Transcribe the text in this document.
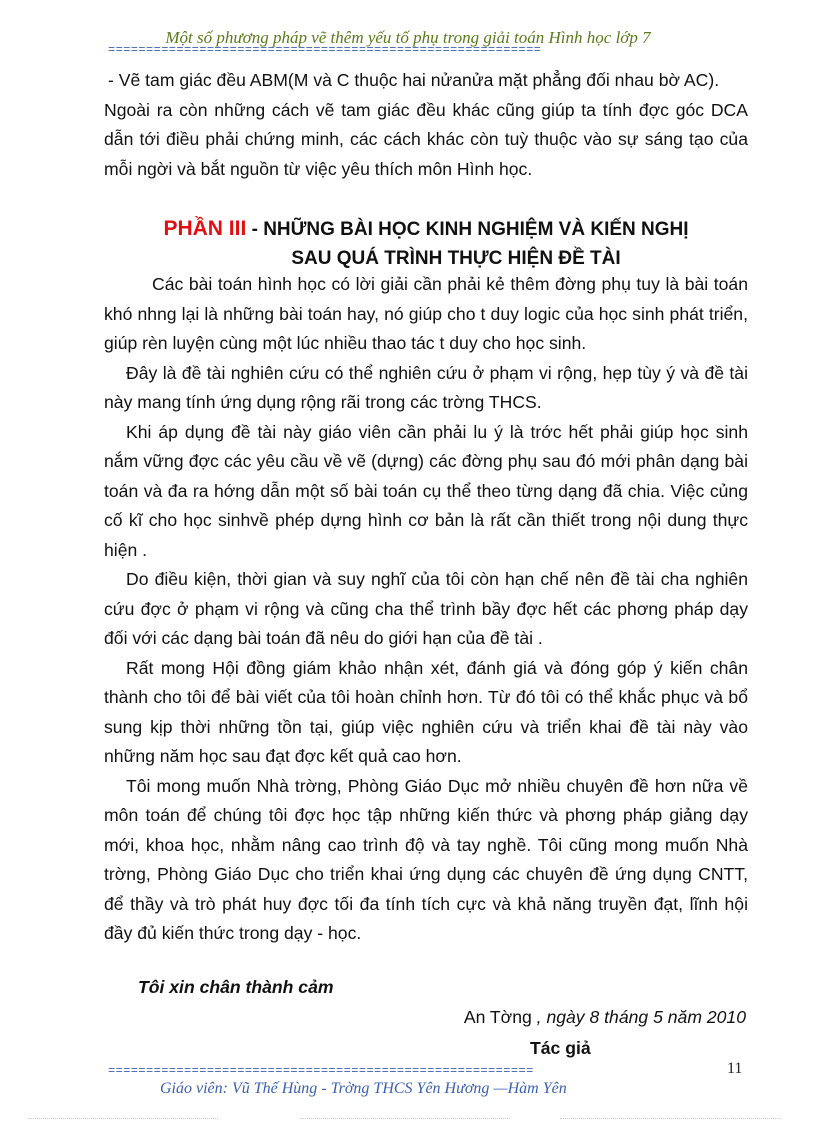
Một số phương pháp vẽ thêm yếu tố phụ trong giải toán Hình học lớp 7
=========================================================

- Vẽ tam giác đều ABM(M và C thuộc hai nửanửa mặt phẳng đối nhau bờ AC).

Ngoài ra còn những cách vẽ tam giác đều khác cũng giúp ta tính đợc góc DCA dẫn tới điều phải chứng minh, các cách khác còn tuỳ thuộc vào sự sáng tạo của mỗi ngời và bắt nguồn từ việc yêu thích môn Hình học.

PHẦN III - NHỮNG BÀI HỌC KINH NGHIỆM VÀ KIẾN NGHỊ
SAU QUÁ TRÌNH THỰC HIỆN ĐỀ TÀI

Các bài toán hình học có lời giải cần phải kẻ thêm đờng phụ tuy là bài toán khó nhng lại là những bài toán hay, nó giúp cho t duy logic của học sinh phát triển, giúp rèn luyện cùng một lúc nhiều thao tác t duy cho học sinh.

Đây là đề tài nghiên cứu có thể nghiên cứu ở phạm vi rộng, hẹp tùy ý và đề tài này mang tính ứng dụng rộng rãi trong các trờng THCS.

Khi áp dụng đề tài này giáo viên cần phải lu ý là trớc hết phải giúp học sinh nắm vững đợc các yêu cầu về vẽ (dựng) các đờng phụ sau đó mới phân dạng bài toán và đa ra hớng dẫn một số bài toán cụ thể theo từng dạng đã chia. Việc củng cố kĩ cho học sinhvề phép dựng hình cơ bản là rất cần thiết trong nội dung thực hiện .

Do điều kiện, thời gian và suy nghĩ của tôi còn hạn chế nên đề tài cha nghiên cứu đợc ở phạm vi rộng và cũng cha thể trình bầy đợc hết các phơng pháp dạy đối với các dạng bài toán đã nêu do giới hạn của đề tài .

Rất mong Hội đồng giám khảo nhận xét, đánh giá và đóng góp ý kiến chân thành cho tôi để bài viết của tôi hoàn chỉnh hơn. Từ đó tôi có thể khắc phục và bổ sung kịp thời những tồn tại, giúp việc nghiên cứu và triển khai đề tài này vào những năm học sau đạt đợc kết quả cao hơn.

Tôi mong muốn Nhà trờng, Phòng Giáo Dục mở nhiều chuyên đề hơn nữa về môn toán để chúng tôi đợc học tập những kiến thức và phơng pháp giảng dạy mới, khoa học, nhằm nâng cao trình độ và tay nghề. Tôi cũng mong muốn Nhà trờng, Phòng Giáo Dục cho triển khai ứng dụng các chuyên đề ứng dụng CNTT, để thầy và trò phát huy đợc tối đa tính tích cực và khả năng truyền đạt, lĩnh hội đầy đủ kiến thức trong dạy - học.

Tôi xin chân thành cảm
An Tờng , ngày 8 tháng 5 năm 2010
Tác giả
========================================================	11
Giáo viên: Vũ Thế Hùng - Trờng THCS Yên Hương —Hàm Yên
